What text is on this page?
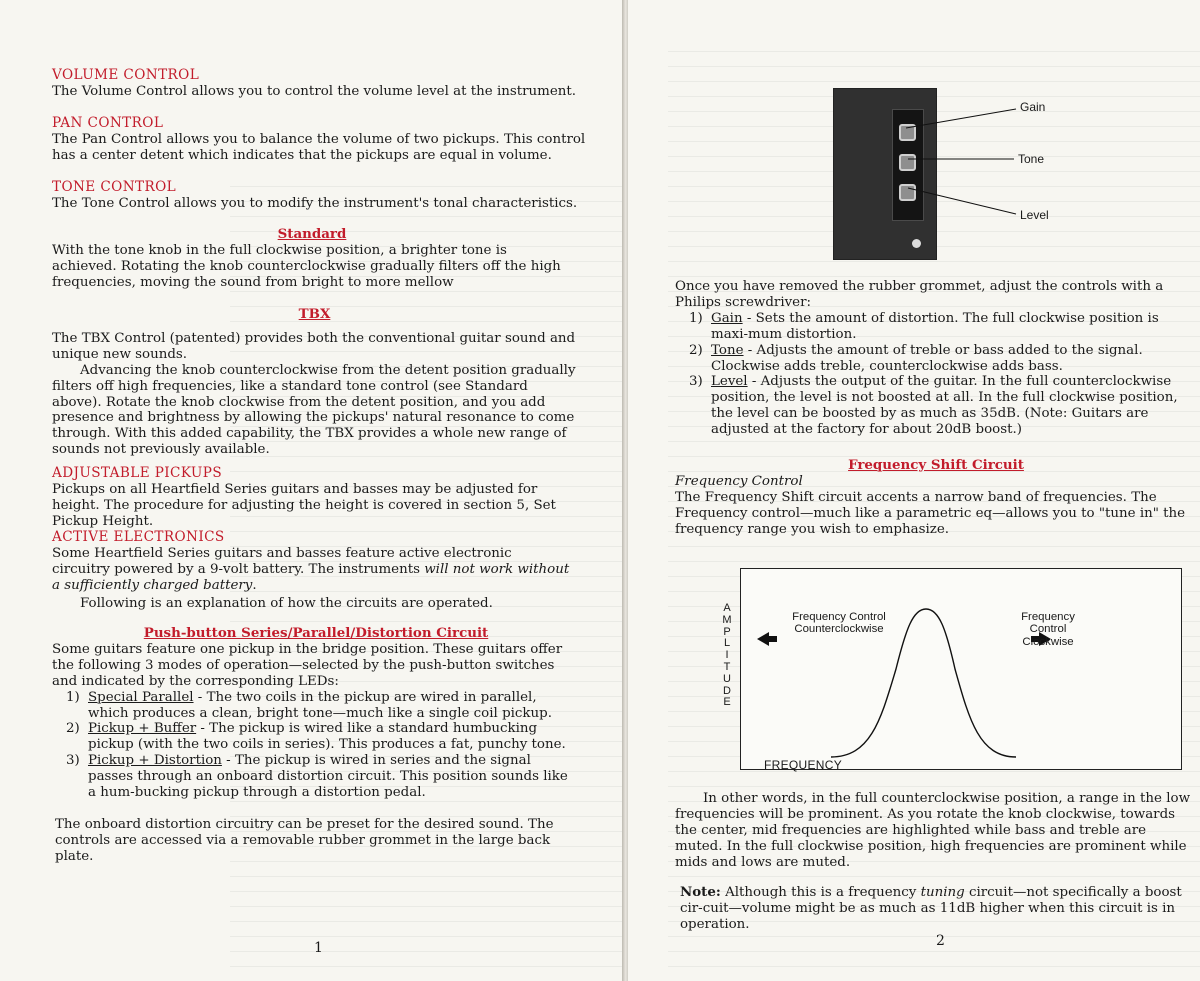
VOLUME CONTROL

The Volume Control allows you to control the volume level at the instrument.

PAN CONTROL

The Pan Control allows you to balance the volume of two pickups. This control has a center detent which indicates that the pickups are equal in volume.

TONE CONTROL

The Tone Control allows you to modify the instrument's tonal characteristics.

Standard

With the tone knob in the full clockwise position, a brighter tone is achieved. Rotating the knob counterclockwise gradually filters off the high frequencies, moving the sound from bright to more mellow

TBX

The TBX Control (patented) provides both the conventional guitar sound and unique new sounds.

Advancing the knob counterclockwise from the detent position gradually filters off high frequencies, like a standard tone control (see Standard above). Rotate the knob clockwise from the detent position, and you add presence and brightness by allowing the pickups' natural resonance to come through. With this added capability, the TBX provides a whole new range of sounds not previously available.

ADJUSTABLE PICKUPS

Pickups on all Heartfield Series guitars and basses may be adjusted for height. The procedure for adjusting the height is covered in section 5, Set Pickup Height.

ACTIVE ELECTRONICS

Some Heartfield Series guitars and basses feature active electronic circuitry powered by a 9-volt battery. The instruments will not work without a sufficiently charged battery.

Following is an explanation of how the circuits are operated.

Push-button Series/Parallel/Distortion Circuit

Some guitars feature one pickup in the bridge position. These guitars offer the following 3 modes of operation—selected by the push-button switches and indicated by the corresponding LEDs:

1) Special Parallel - The two coils in the pickup are wired in parallel, which produces a clean, bright tone—much like a single coil pickup.
2) Pickup + Buffer - The pickup is wired like a standard humbucking pickup (with the two coils in series). This produces a fat, punchy tone.
3) Pickup + Distortion - The pickup is wired in series and the signal passes through an onboard distortion circuit. This position sounds like a hum-bucking pickup through a distortion pedal.
The onboard distortion circuitry can be preset for the desired sound. The controls are accessed via a removable rubber grommet in the large back plate.
1
Gain
Tone
Level

Once you have removed the rubber grommet, adjust the controls with a Philips screwdriver:

1) Gain - Sets the amount of distortion. The full clockwise position is maxi-mum distortion.
2) Tone - Adjusts the amount of treble or bass added to the signal. Clockwise adds treble, counterclockwise adds bass.
3) Level - Adjusts the output of the guitar. In the full counterclockwise position, the level is not boosted at all. In the full clockwise position, the level can be boosted by as much as 35dB. (Note: Guitars are adjusted at the factory for about 20dB boost.)

Frequency Shift Circuit

Frequency Control

The Frequency Shift circuit accents a narrow band of frequencies. The Frequency control—much like a parametric eq—allows you to "tune in" the frequency range you wish to emphasize.

A
M
P
L
I
T
U
D
E
Frequency Control Counterclockwise
Frequency Control Clockwise
FREQUENCY
In other words, in the full counterclockwise position, a range in the low frequencies will be prominent. As you rotate the knob clockwise, towards the center, mid frequencies are highlighted while bass and treble are muted. In the full clockwise position, high frequencies are prominent while mids and lows are muted.
Note: Although this is a frequency tuning circuit—not specifically a boost cir-cuit—volume might be as much as 11dB higher when this circuit is in operation.
2
